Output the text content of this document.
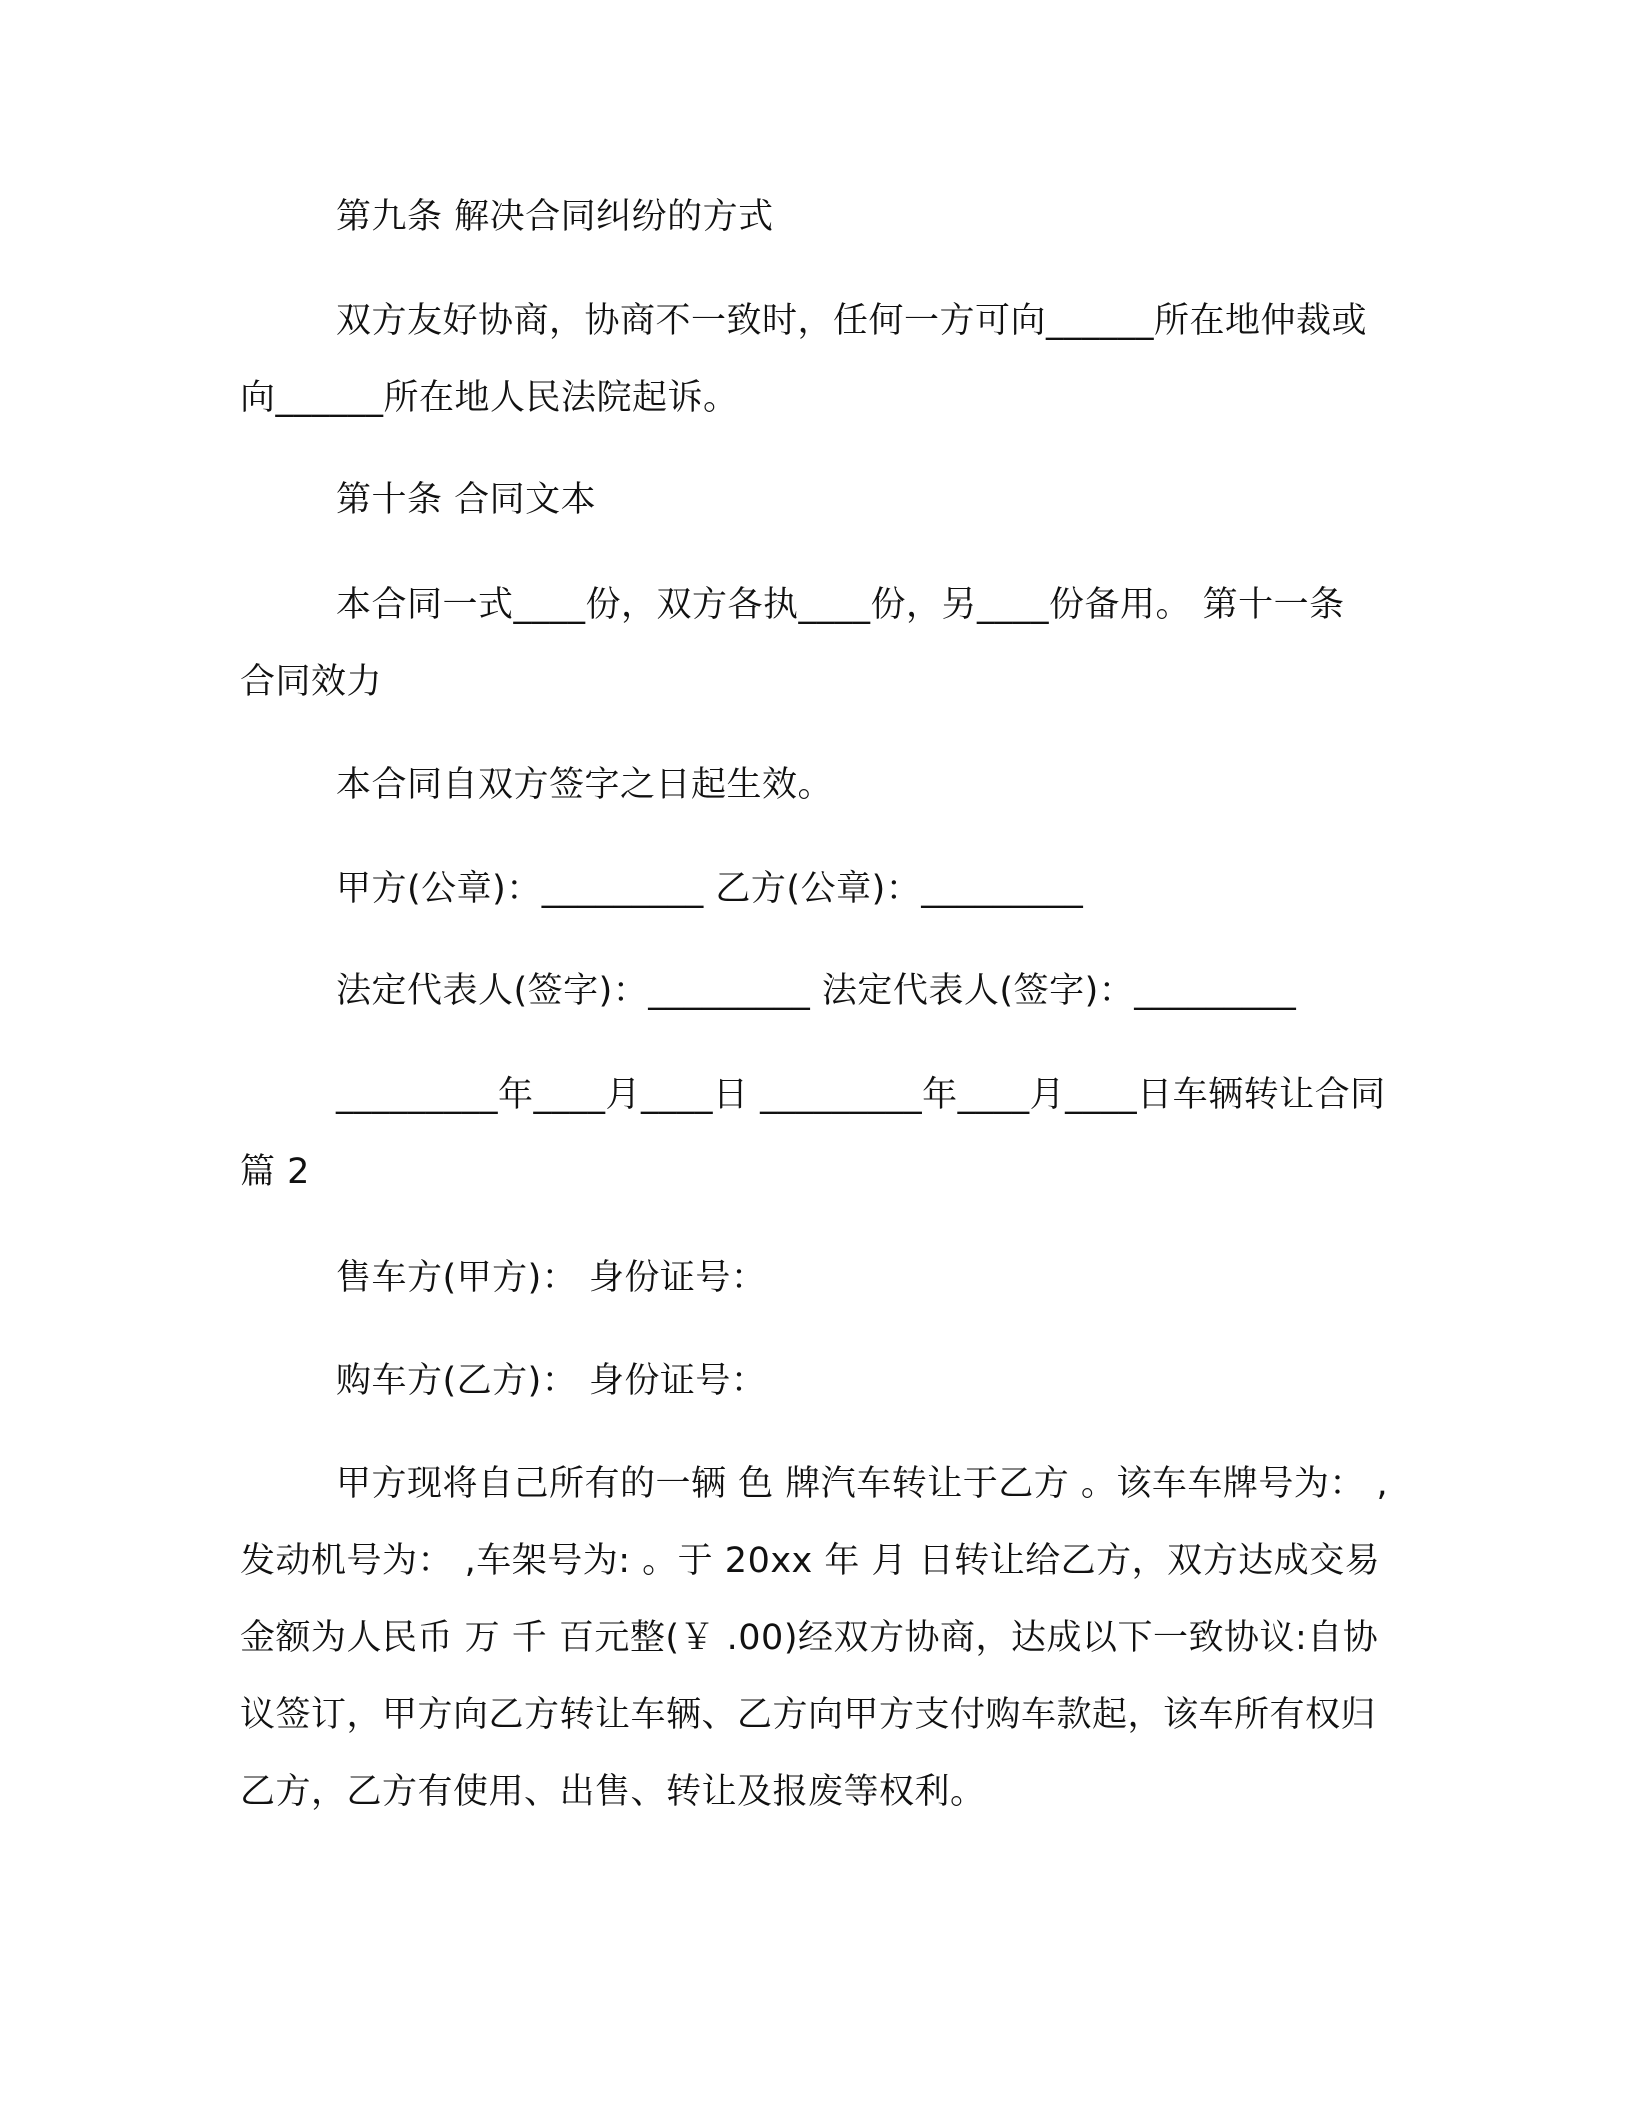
第九条 解决合同纠纷的方式

双方友好协商，协商不一致时，任何一方可向______所在地仲裁或向______所在地人民法院起诉。

第十条 合同文本

本合同一式____份，双方各执____份，另____份备用。 第十一条 合同效力

本合同自双方签字之日起生效。

甲方(公章)：_________ 乙方(公章)：_________

法定代表人(签字)：_________ 法定代表人(签字)：_________

_________年____月____日 _________年____月____日车辆转让合同 篇 2

售车方(甲方)： 身份证号：

购车方(乙方)： 身份证号：

甲方现将自己所有的一辆 色 牌汽车转让于乙方 。该车车牌号为： , 发动机号为： ,车架号为: 。于 20xx 年 月 日转让给乙方，双方达成交易金额为人民币 万 千 百元整(￥ .00)经双方协商，达成以下一致协议:自协议签订，甲方向乙方转让车辆、乙方向甲方支付购车款起，该车所有权归乙方，乙方有使用、出售、转让及报废等权利。
